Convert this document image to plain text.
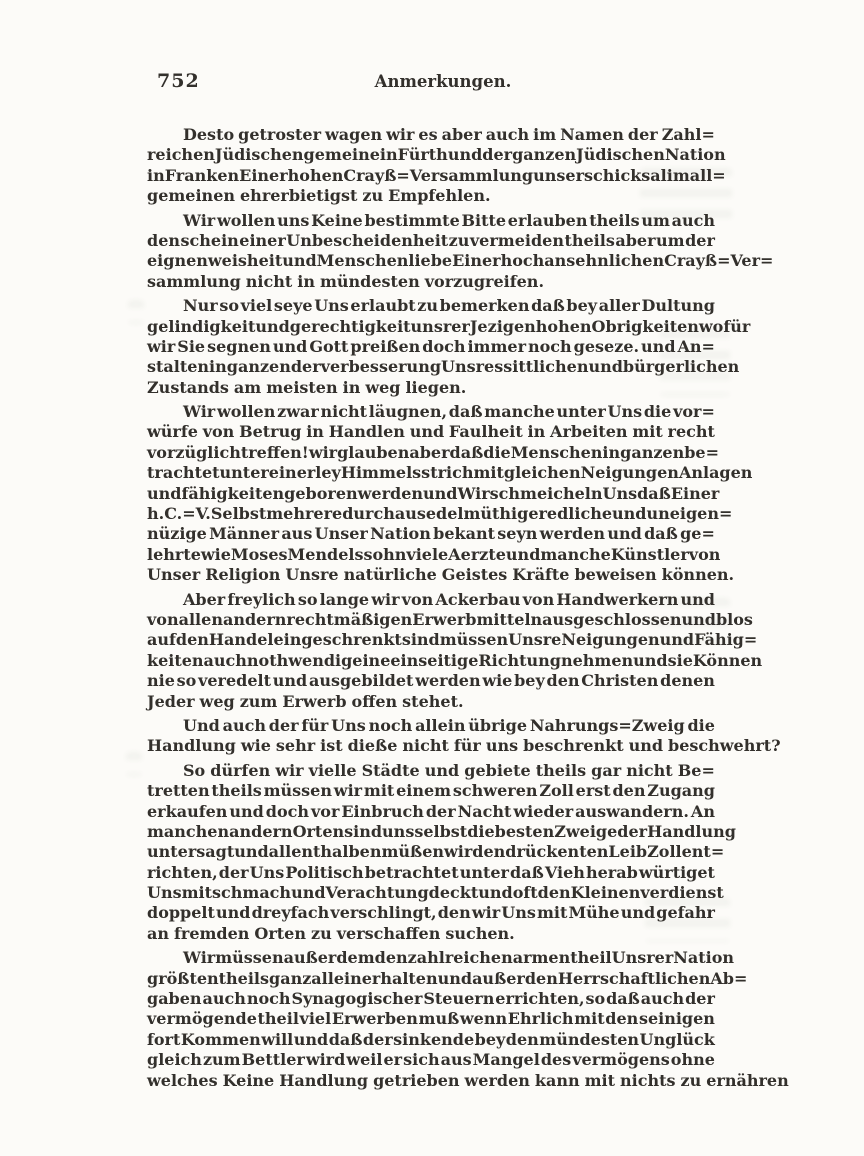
752	Anmerkungen.
Desto getroster wagen wir es aber auch im Namen der Zahl=
reichen Jüdischen gemeine in Fürth und der ganzen Jüdischen Nation
in Franken Einer hohen Crayß=Versammlung unser schicksal im all=
gemeinen ehrerbietigst zu Empfehlen.
Wir wollen uns Keine bestimmte Bitte erlauben theils um auch
den schein einer Unbescheidenheit zu vermeiden theils aber um der
eignen weisheit und Menschenliebe Einer hochansehnlichen Crayß=Ver=
sammlung nicht in mündesten vorzugreifen.
Nur so viel seye Uns erlaubt zu bemerken daß bey aller Dultung
gelindigkeit und gerechtigkeit unsrer Jezigen hohen Obrigkeiten wofür
wir Sie segnen und Gott preißen doch immer noch geseze. und An=
stalten in ganzen der verbesserung Unsres sittlichen und bürgerlichen
Zustands am meisten in weg liegen.
Wir wollen zwar nicht läugnen, daß manche unter Uns die vor=
würfe von Betrug in Handlen und Faulheit in Arbeiten mit recht
vorzüglich treffen! wir glauben aber daß die Menschen in ganzen be=
trachtet unter einerley Himmelsstrich mit gleichen Neigungen Anlagen
und fähigkeiten geboren werden und Wir schmeicheln Uns daß Einer
h. C.=V. Selbst mehrere durchaus edelmüthige redliche und uneigen=
nüzige Männer aus Unser Nation bekant seyn werden und daß ge=
lehrte wie Moses Mendelssohn viele Aerzte und manche Künstler von
Unser Religion Unsre natürliche Geistes Kräfte beweisen können.
Aber freylich so lange wir von Ackerbau von Handwerkern und
von allen andern rechtmäßigen Erwerbmitteln ausgeschlossen und blos
auf den Handel eingeschrenkt sind müssen Unsre Neigungen und Fähig=
keiten auch nothwendig eine einseitige Richtung nehmen und sie Können
nie so veredelt und ausgebildet werden wie bey den Christen denen
Jeder weg zum Erwerb offen stehet.
Und auch der für Uns noch allein übrige Nahrungs=Zweig die
Handlung wie sehr ist dieße nicht für uns beschrenkt und beschwehrt?
So dürfen wir vielle Städte und gebiete theils gar nicht Be=
tretten theils müssen wir mit einem schweren Zoll erst den Zugang
erkaufen und doch vor Einbruch der Nacht wieder auswandern. An
manchen andern Orten sind uns selbst die besten Zweige der Handlung
untersagt und allenthalben müßen wir den drückenten Leib Zoll ent=
richten, der Uns Politisch betrachtet unter daß Vieh herab würtiget
Uns mit schmach und Verachtung deckt und oft den Kleinen verdienst
doppelt und dreyfach verschlingt, den wir Uns mit Mühe und gefahr
an fremden Orten zu verschaffen suchen.
Wir müssen außerdem den zahlreichen armen theil Unsrer Nation
größtentheils ganz allein erhalten und außer den Herrschaftlichen Ab=
gaben auch noch Synagogischer Steuern errichten, so daß auch der
vermögende theil viel Erwerben muß wenn Ehrlich mit den seinigen
fort Kommen will und daß der sinkende bey den mündesten Unglück
gleich zum Bettler wird weil er sich aus Mangel des vermögens ohne
welches Keine Handlung getrieben werden kann mit nichts zu ernähren
